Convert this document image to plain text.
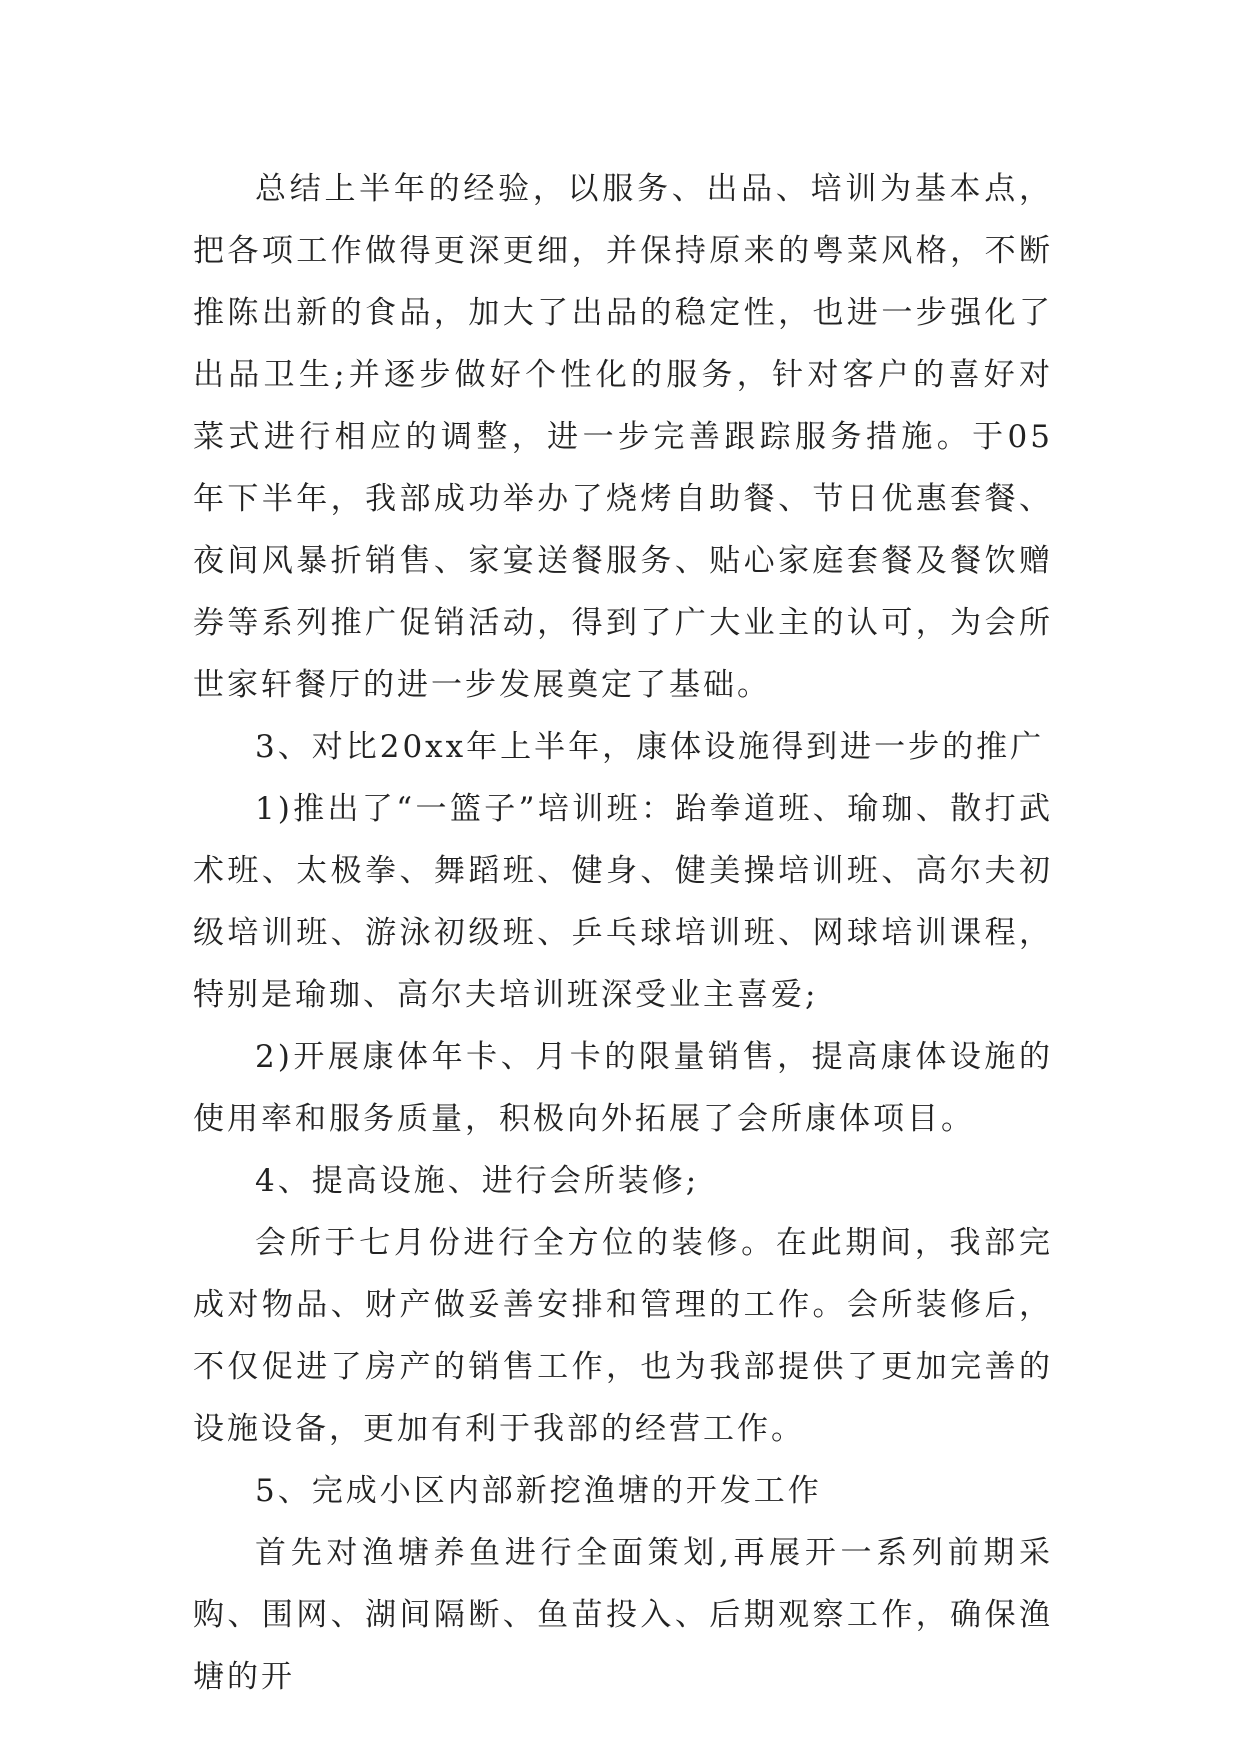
总结上半年的经验，以服务、出品、培训为基本点，把各项工作做得更深更细，并保持原来的粤菜风格，不断推陈出新的食品，加大了出品的稳定性，也进一步强化了出品卫生;并逐步做好个性化的服务，针对客户的喜好对菜式进行相应的调整，进一步完善跟踪服务措施。于05年下半年，我部成功举办了烧烤自助餐、节日优惠套餐、夜间风暴折销售、家宴送餐服务、贴心家庭套餐及餐饮赠券等系列推广促销活动，得到了广大业主的认可，为会所世家轩餐厅的进一步发展奠定了基础。

3、对比20xx年上半年，康体设施得到进一步的推广

1)推出了“一篮子”培训班：跆拳道班、瑜珈、散打武术班、太极拳、舞蹈班、健身、健美操培训班、高尔夫初级培训班、游泳初级班、乒乓球培训班、网球培训课程，特别是瑜珈、高尔夫培训班深受业主喜爱;

2)开展康体年卡、月卡的限量销售，提高康体设施的使用率和服务质量，积极向外拓展了会所康体项目。

4、提高设施、进行会所装修;

会所于七月份进行全方位的装修。在此期间，我部完成对物品、财产做妥善安排和管理的工作。会所装修后，不仅促进了房产的销售工作，也为我部提供了更加完善的设施设备，更加有利于我部的经营工作。

5、完成小区内部新挖渔塘的开发工作

首先对渔塘养鱼进行全面策划,再展开一系列前期采购、围网、湖间隔断、鱼苗投入、后期观察工作，确保渔塘的开
